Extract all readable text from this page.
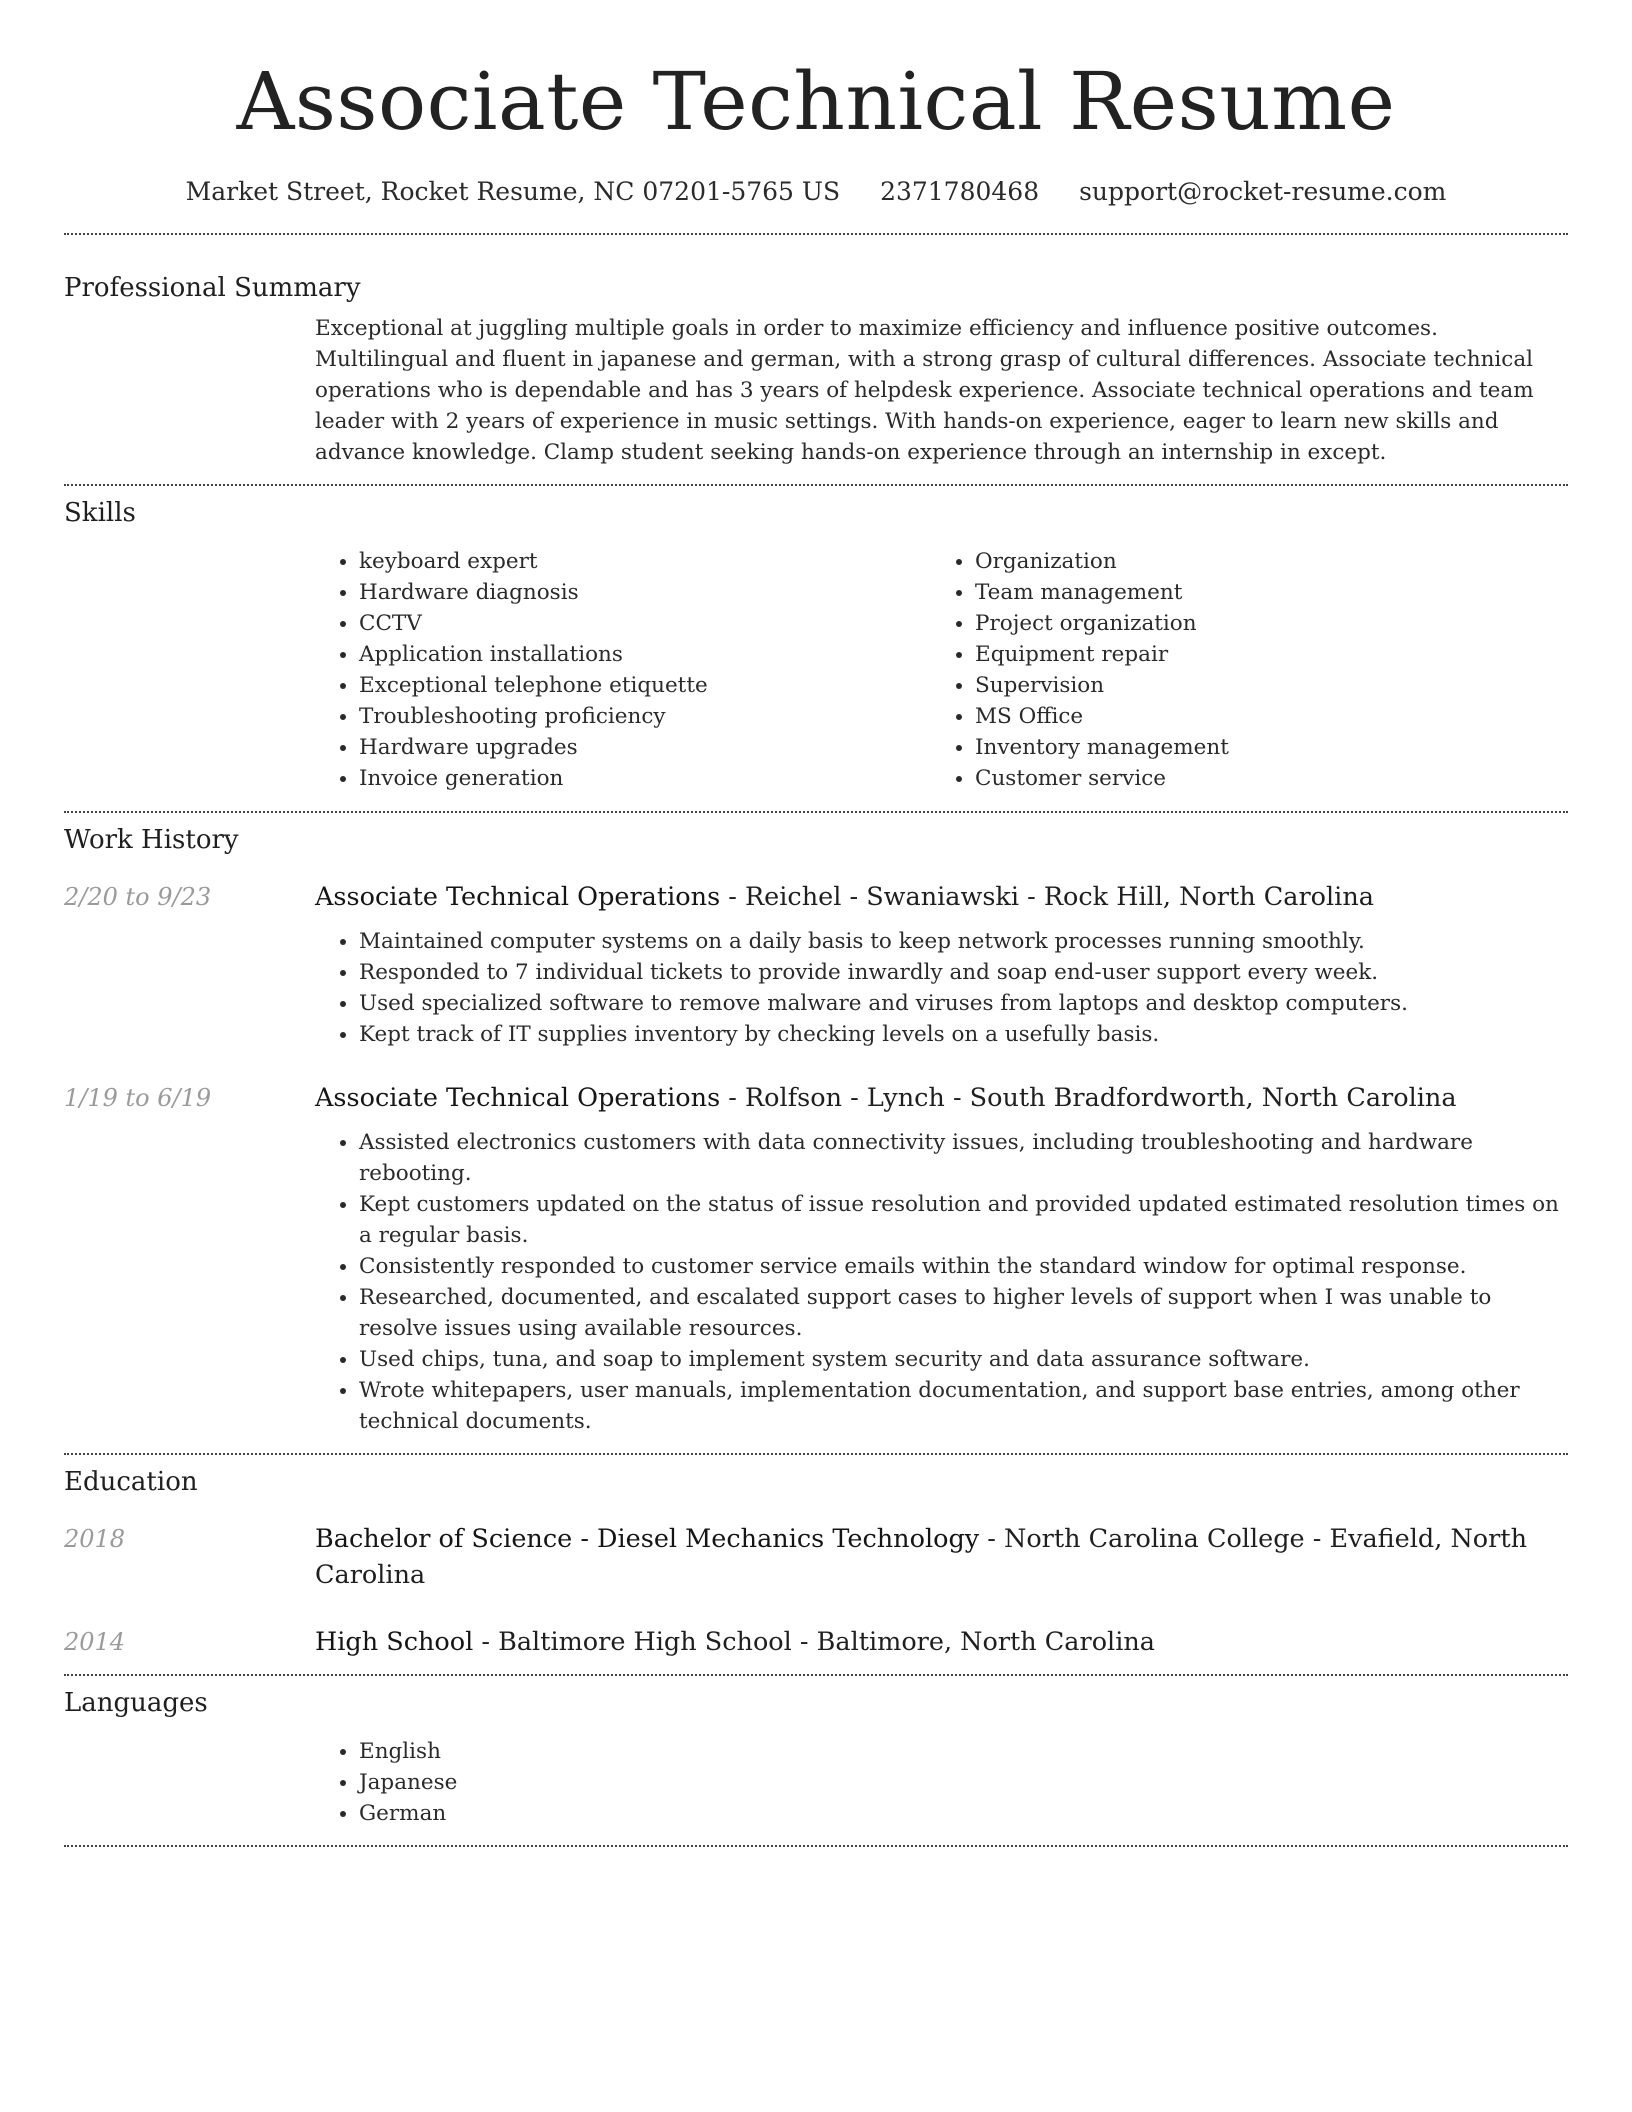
Associate Technical Resume
Market Street, Rocket Resume, NC 07201-5765 US 2371780468 support@rocket-resume.com
Professional Summary
Exceptional at juggling multiple goals in order to maximize efficiency and influence positive outcomes. Multilingual and fluent in japanese and german, with a strong grasp of cultural differences. Associate technical operations who is dependable and has 3 years of helpdesk experience. Associate technical operations and team leader with 2 years of experience in music settings. With hands-on experience, eager to learn new skills and advance knowledge. Clamp student seeking hands-on experience through an internship in except.
Skills
• keyboard expert
• Hardware diagnosis
• CCTV
• Application installations
• Exceptional telephone etiquette
• Troubleshooting proficiency
• Hardware upgrades
• Invoice generation
• Organization
• Team management
• Project organization
• Equipment repair
• Supervision
• MS Office
• Inventory management
• Customer service
Work History
2/20 to 9/23	Associate Technical Operations - Reichel - Swaniawski - Rock Hill, North Carolina
• Maintained computer systems on a daily basis to keep network processes running smoothly.
• Responded to 7 individual tickets to provide inwardly and soap end-user support every week.
• Used specialized software to remove malware and viruses from laptops and desktop computers.
• Kept track of IT supplies inventory by checking levels on a usefully basis.
1/19 to 6/19	Associate Technical Operations - Rolfson - Lynch - South Bradfordworth, North Carolina
• Assisted electronics customers with data connectivity issues, including troubleshooting and hardware rebooting.
• Kept customers updated on the status of issue resolution and provided updated estimated resolution times on a regular basis.
• Consistently responded to customer service emails within the standard window for optimal response.
• Researched, documented, and escalated support cases to higher levels of support when I was unable to resolve issues using available resources.
• Used chips, tuna, and soap to implement system security and data assurance software.
• Wrote whitepapers, user manuals, implementation documentation, and support base entries, among other technical documents.
Education
2018	Bachelor of Science - Diesel Mechanics Technology - North Carolina College - Evafield, North Carolina
2014	High School - Baltimore High School - Baltimore, North Carolina
Languages
• English
• Japanese
• German
